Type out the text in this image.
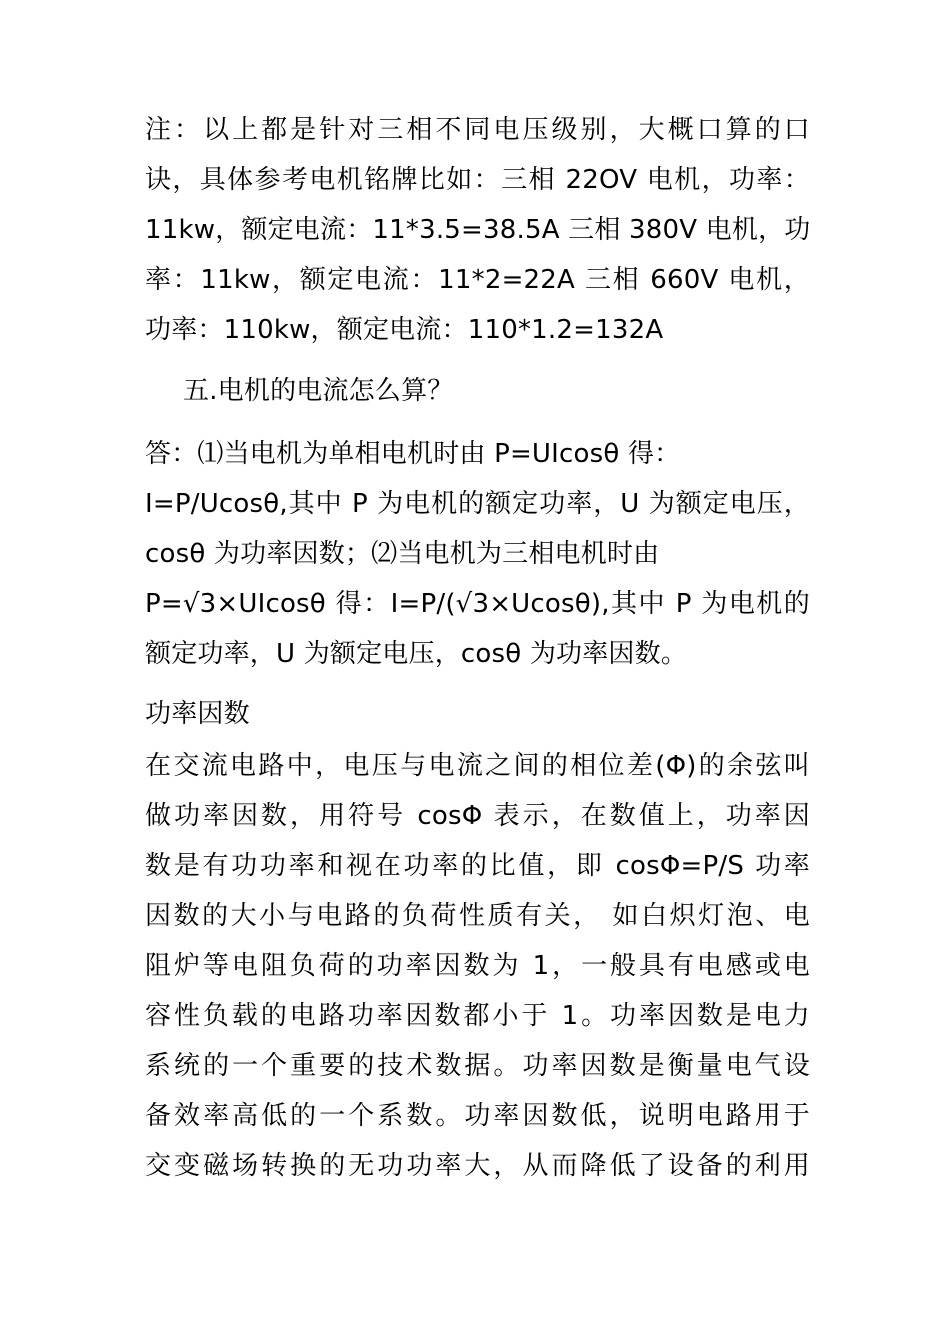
注：以上都是针对三相不同电压级别，大概口算的口
诀，具体参考电机铭牌比如：三相 22OV 电机，功率：
11kw，额定电流：11*3.5=38.5A 三相 380V 电机，功
率：11kw，额定电流：11*2=22A 三相 660V 电机，
功率：110kw，额定电流：110*1.2=132A
五.电机的电流怎么算？
答：⑴当电机为单相电机时由 P=UIcosθ 得：
I=P/Ucosθ,其中 P 为电机的额定功率，U 为额定电压，
cosθ 为功率因数；⑵当电机为三相电机时由
P=√3×UIcosθ 得：I=P/(√3×Ucosθ),其中 P 为电机的
额定功率，U 为额定电压，cosθ 为功率因数。
功率因数
在交流电路中，电压与电流之间的相位差(Φ)的余弦叫
做功率因数，用符号 cosΦ 表示，在数值上，功率因
数是有功功率和视在功率的比值，即 cosΦ=P/S 功率
因数的大小与电路的负荷性质有关， 如白炽灯泡、电
阻炉等电阻负荷的功率因数为 1，一般具有电感或电
容性负载的电路功率因数都小于 1。功率因数是电力
系统的一个重要的技术数据。功率因数是衡量电气设
备效率高低的一个系数。功率因数低，说明电路用于
交变磁场转换的无功功率大，从而降低了设备的利用
